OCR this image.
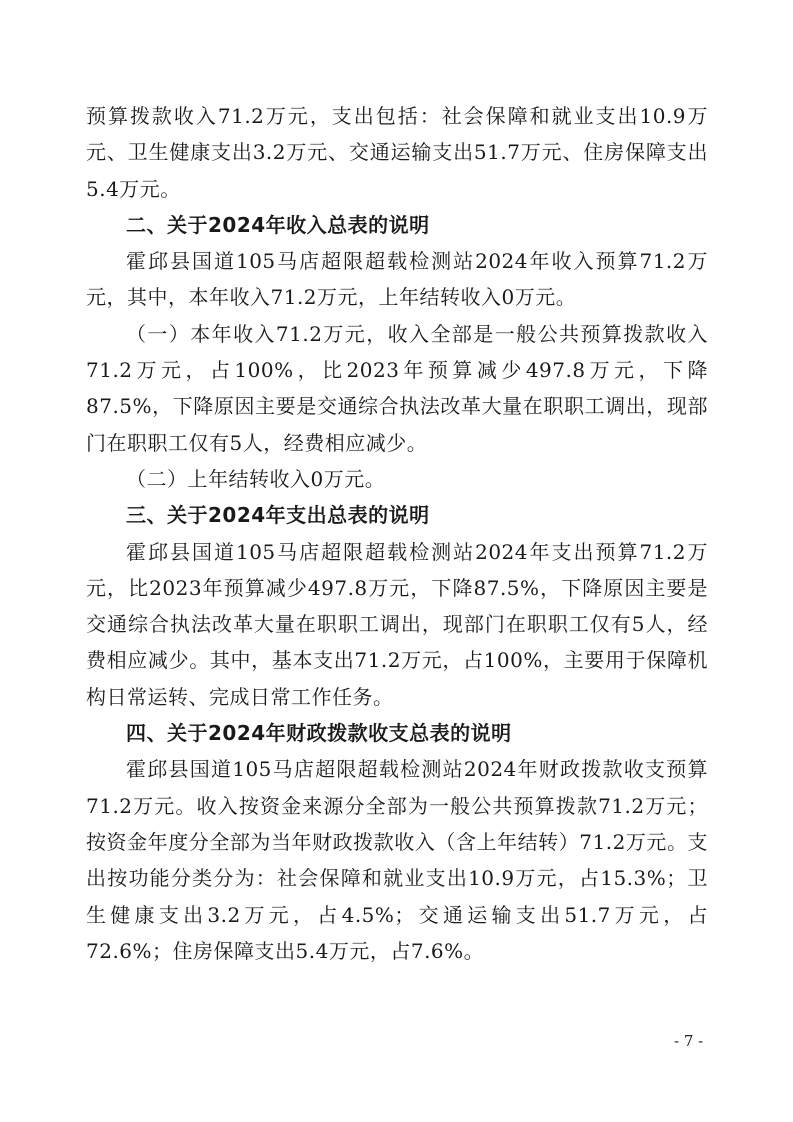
预算拨款收入71.2万元，支出包括：社会保障和就业支出10.9万元、卫生健康支出3.2万元、交通运输支出51.7万元、住房保障支出5.4万元。

二、关于2024年收入总表的说明

霍邱县国道105马店超限超载检测站2024年收入预算71.2万元，其中，本年收入71.2万元，上年结转收入0万元。

（一）本年收入71.2万元，收入全部是一般公共预算拨款收入71.2万元，占100%，比2023年预算减少497.8万元，下降87.5%，下降原因主要是交通综合执法改革大量在职职工调出，现部门在职职工仅有5人，经费相应减少。

（二）上年结转收入0万元。

三、关于2024年支出总表的说明

霍邱县国道105马店超限超载检测站2024年支出预算71.2万元，比2023年预算减少497.8万元，下降87.5%，下降原因主要是交通综合执法改革大量在职职工调出，现部门在职职工仅有5人，经费相应减少。其中，基本支出71.2万元，占100%，主要用于保障机构日常运转、完成日常工作任务。

四、关于2024年财政拨款收支总表的说明

霍邱县国道105马店超限超载检测站2024年财政拨款收支预算71.2万元。收入按资金来源分全部为一般公共预算拨款71.2万元；按资金年度分全部为当年财政拨款收入（含上年结转）71.2万元。支出按功能分类分为：社会保障和就业支出10.9万元，占15.3%；卫生健康支出3.2万元，占4.5%；交通运输支出51.7万元，占72.6%；住房保障支出5.4万元，占7.6%。

- 7 -
